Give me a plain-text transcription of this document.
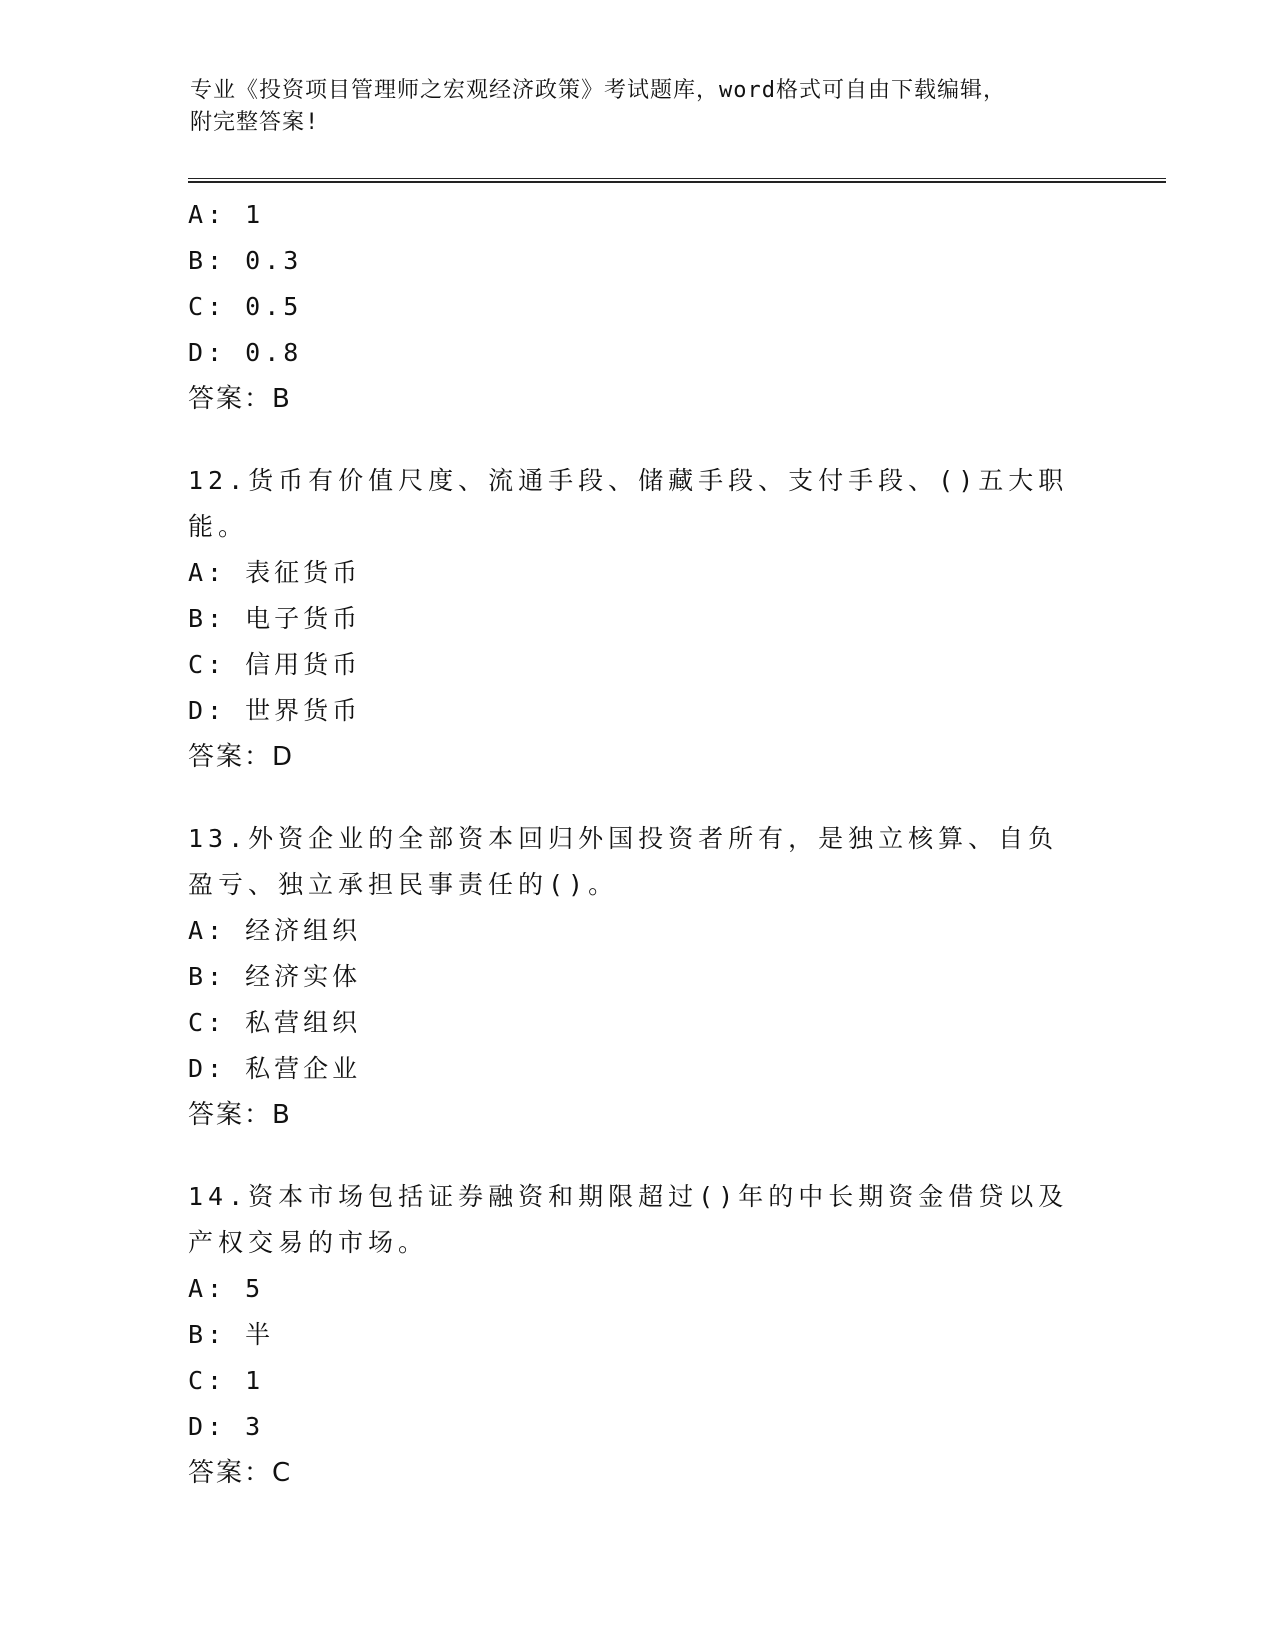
专业《投资项目管理师之宏观经济政策》考试题库，word格式可自由下载编辑，
附完整答案!
A: 1
B: 0.3
C: 0.5
D: 0.8
答案：B
12.货币有价值尺度、流通手段、储藏手段、支付手段、()五大职能。
A: 表征货币
B: 电子货币
C: 信用货币
D: 世界货币
答案：D
13.外资企业的全部资本回归外国投资者所有，是独立核算、自负盈亏、独立承担民事责任的()。
A: 经济组织
B: 经济实体
C: 私营组织
D: 私营企业
答案：B
14.资本市场包括证券融资和期限超过()年的中长期资金借贷以及产权交易的市场。
A: 5
B: 半
C: 1
D: 3
答案：C
